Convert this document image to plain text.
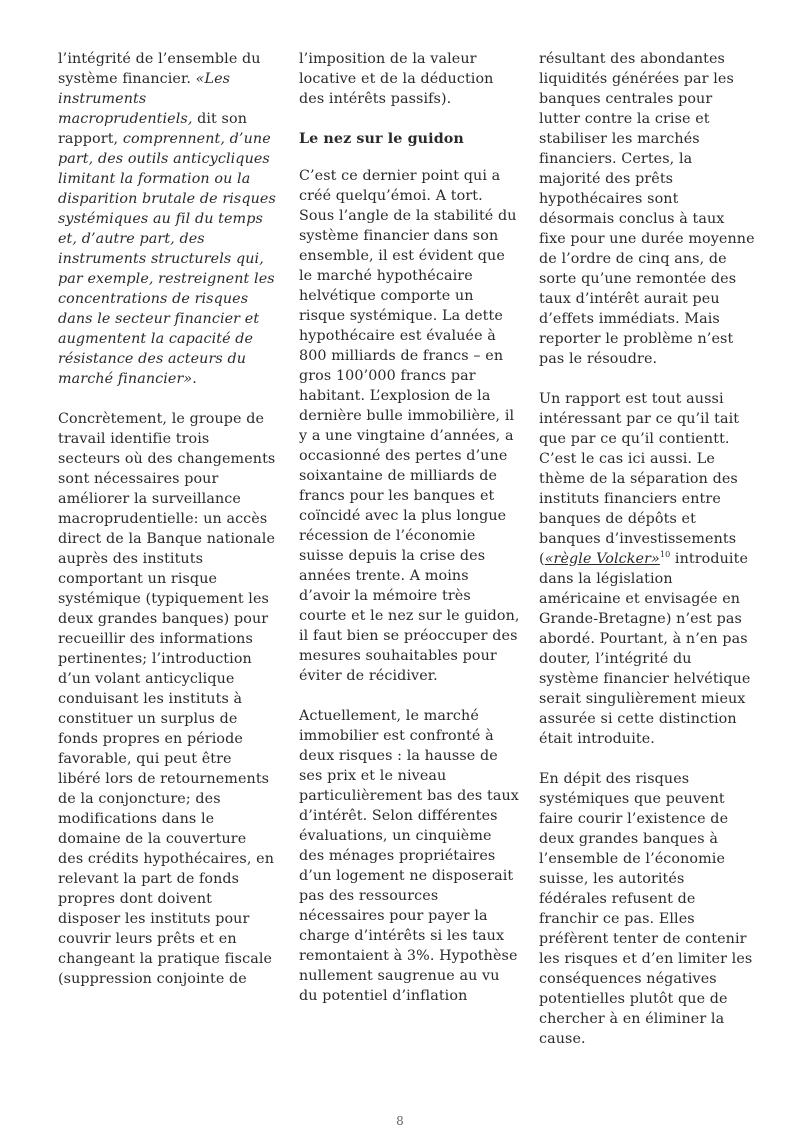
l’intégrité de l’ensemble du système financier. «Les instruments macroprudentiels, dit son rapport, comprennent, d’une part, des outils anticycliques limitant la formation ou la disparition brutale de risques systémiques au fil du temps et, d’autre part, des instruments structurels qui, par exemple, restreignent les concentrations de risques dans le secteur financier et augmentent la capacité de résistance des acteurs du marché financier».

Concrètement, le groupe de travail identifie trois secteurs où des changements sont nécessaires pour améliorer la surveillance macroprudentielle: un accès direct de la Banque nationale auprès des instituts comportant un risque systémique (typiquement les deux grandes banques) pour recueillir des informations pertinentes; l’introduction d’un volant anticyclique conduisant les instituts à constituer un surplus de fonds propres en période favorable, qui peut être libéré lors de retournements de la conjoncture; des modifications dans le domaine de la couverture des crédits hypothécaires, en relevant la part de fonds propres dont doivent disposer les instituts pour couvrir leurs prêts et en changeant la pratique fiscale (suppression conjointe de

l’imposition de la valeur locative et de la déduction des intérêts passifs).

Le nez sur le guidon

C’est ce dernier point qui a créé quelqu’émoi. A tort. Sous l’angle de la stabilité du système financier dans son ensemble, il est évident que le marché hypothécaire helvétique comporte un risque systémique. La dette hypothécaire est évaluée à 800 milliards de francs – en gros 100’000 francs par habitant. L’explosion de la dernière bulle immobilière, il y a une vingtaine d’années, a occasionné des pertes d’une soixantaine de milliards de francs pour les banques et coïncidé avec la plus longue récession de l’économie suisse depuis la crise des années trente. A moins d’avoir la mémoire très courte et le nez sur le guidon, il faut bien se préoccuper des mesures souhaitables pour éviter de récidiver.

Actuellement, le marché immobilier est confronté à deux risques : la hausse de ses prix et le niveau particulièrement bas des taux d’intérêt. Selon différentes évaluations, un cinquième des ménages propriétaires d’un logement ne disposerait pas des ressources nécessaires pour payer la charge d’intérêts si les taux remontaient à 3%. Hypothèse nullement saugrenue au vu du potentiel d’inflation

résultant des abondantes liquidités générées par les banques centrales pour lutter contre la crise et stabiliser les marchés financiers. Certes, la majorité des prêts hypothécaires sont désormais conclus à taux fixe pour une durée moyenne de l’ordre de cinq ans, de sorte qu’une remontée des taux d’intérêt aurait peu d’effets immédiats. Mais reporter le problème n’est pas le résoudre.

Un rapport est tout aussi intéressant par ce qu’il tait que par ce qu’il contientt. C’est le cas ici aussi. Le thème de la séparation des instituts financiers entre banques de dépôts et banques d’investissements («règle Volcker»$^{10}$ introduite dans la législation américaine et envisagée en Grande-Bretagne) n’est pas abordé. Pourtant, à n’en pas douter, l’intégrité du système financier helvétique serait singulièrement mieux assurée si cette distinction était introduite.

En dépit des risques systémiques que peuvent faire courir l’existence de deux grandes banques à l’ensemble de l’économie suisse, les autorités fédérales refusent de franchir ce pas. Elles préfèrent tenter de contenir les risques et d’en limiter les conséquences négatives potentielles plutôt que de chercher à en éliminer la cause.

8
